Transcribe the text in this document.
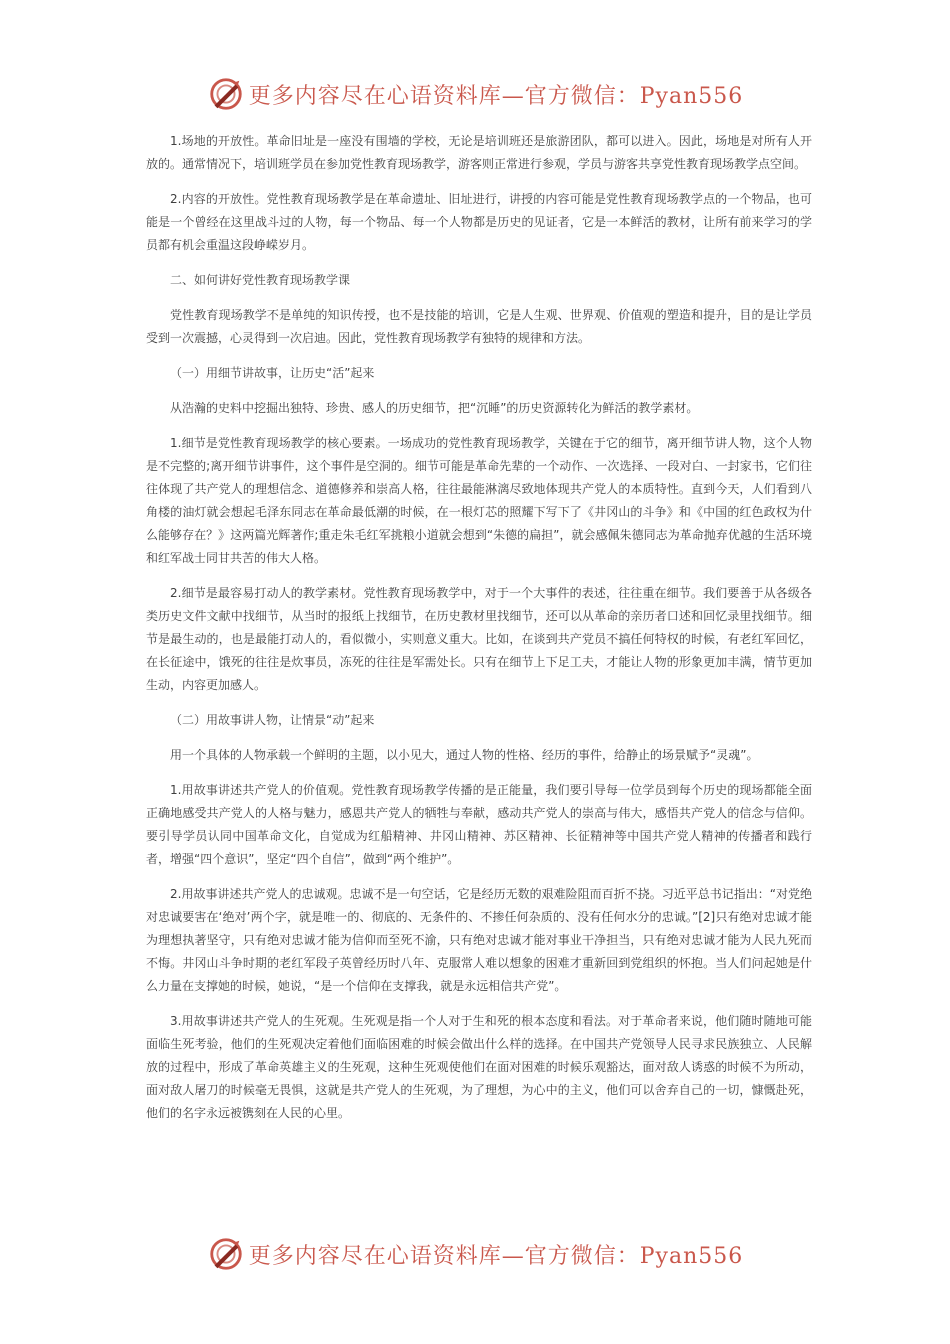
更多内容尽在心语资料库—官方微信：Pyan556

1.场地的开放性。革命旧址是一座没有围墙的学校，无论是培训班还是旅游团队，都可以进入。因此，场地是对所有人开放的。通常情况下，培训班学员在参加党性教育现场教学，游客则正常进行参观，学员与游客共享党性教育现场教学点空间。

2.内容的开放性。党性教育现场教学是在革命遗址、旧址进行，讲授的内容可能是党性教育现场教学点的一个物品，也可能是一个曾经在这里战斗过的人物，每一个物品、每一个人物都是历史的见证者，它是一本鲜活的教材，让所有前来学习的学员都有机会重温这段峥嵘岁月。

二、如何讲好党性教育现场教学课

党性教育现场教学不是单纯的知识传授，也不是技能的培训，它是人生观、世界观、价值观的塑造和提升，目的是让学员受到一次震撼，心灵得到一次启迪。因此，党性教育现场教学有独特的规律和方法。

（一）用细节讲故事，让历史“活”起来

从浩瀚的史料中挖掘出独特、珍贵、感人的历史细节，把“沉睡”的历史资源转化为鲜活的教学素材。

1.细节是党性教育现场教学的核心要素。一场成功的党性教育现场教学，关键在于它的细节，离开细节讲人物，这个人物是不完整的;离开细节讲事件，这个事件是空洞的。细节可能是革命先辈的一个动作、一次选择、一段对白、一封家书，它们往往体现了共产党人的理想信念、道德修养和崇高人格，往往最能淋漓尽致地体现共产党人的本质特性。直到今天，人们看到八角楼的油灯就会想起毛泽东同志在革命最低潮的时候，在一根灯芯的照耀下写下了《井冈山的斗争》和《中国的红色政权为什么能够存在？》这两篇光辉著作;重走朱毛红军挑粮小道就会想到“朱德的扁担”，就会感佩朱德同志为革命抛弃优越的生活环境和红军战士同甘共苦的伟大人格。

2.细节是最容易打动人的教学素材。党性教育现场教学中，对于一个大事件的表述，往往重在细节。我们要善于从各级各类历史文件文献中找细节，从当时的报纸上找细节，在历史教材里找细节，还可以从革命的亲历者口述和回忆录里找细节。细节是最生动的，也是最能打动人的，看似微小，实则意义重大。比如，在谈到共产党员不搞任何特权的时候，有老红军回忆，在长征途中，饿死的往往是炊事员，冻死的往往是军需处长。只有在细节上下足工夫，才能让人物的形象更加丰满，情节更加生动，内容更加感人。

（二）用故事讲人物，让情景“动”起来

用一个具体的人物承载一个鲜明的主题，以小见大，通过人物的性格、经历的事件，给静止的场景赋予“灵魂”。

1.用故事讲述共产党人的价值观。党性教育现场教学传播的是正能量，我们要引导每一位学员到每个历史的现场都能全面正确地感受共产党人的人格与魅力，感恩共产党人的牺牲与奉献，感动共产党人的崇高与伟大，感悟共产党人的信念与信仰。要引导学员认同中国革命文化，自觉成为红船精神、井冈山精神、苏区精神、长征精神等中国共产党人精神的传播者和践行者，增强“四个意识”，坚定“四个自信”，做到“两个维护”。

2.用故事讲述共产党人的忠诚观。忠诚不是一句空话，它是经历无数的艰难险阻而百折不挠。习近平总书记指出：“对党绝对忠诚要害在‘绝对’两个字，就是唯一的、彻底的、无条件的、不掺任何杂质的、没有任何水分的忠诚。”[2]只有绝对忠诚才能为理想执著坚守，只有绝对忠诚才能为信仰而至死不渝，只有绝对忠诚才能对事业干净担当，只有绝对忠诚才能为人民九死而不悔。井冈山斗争时期的老红军段子英曾经历时八年、克服常人难以想象的困难才重新回到党组织的怀抱。当人们问起她是什么力量在支撑她的时候，她说，“是一个信仰在支撑我，就是永远相信共产党”。

3.用故事讲述共产党人的生死观。生死观是指一个人对于生和死的根本态度和看法。对于革命者来说，他们随时随地可能面临生死考验，他们的生死观决定着他们面临困难的时候会做出什么样的选择。在中国共产党领导人民寻求民族独立、人民解放的过程中，形成了革命英雄主义的生死观，这种生死观使他们在面对困难的时候乐观豁达，面对敌人诱惑的时候不为所动，面对敌人屠刀的时候毫无畏惧，这就是共产党人的生死观，为了理想，为心中的主义，他们可以舍弃自己的一切，慷慨赴死，他们的名字永远被镌刻在人民的心里。

更多内容尽在心语资料库—官方微信：Pyan556
